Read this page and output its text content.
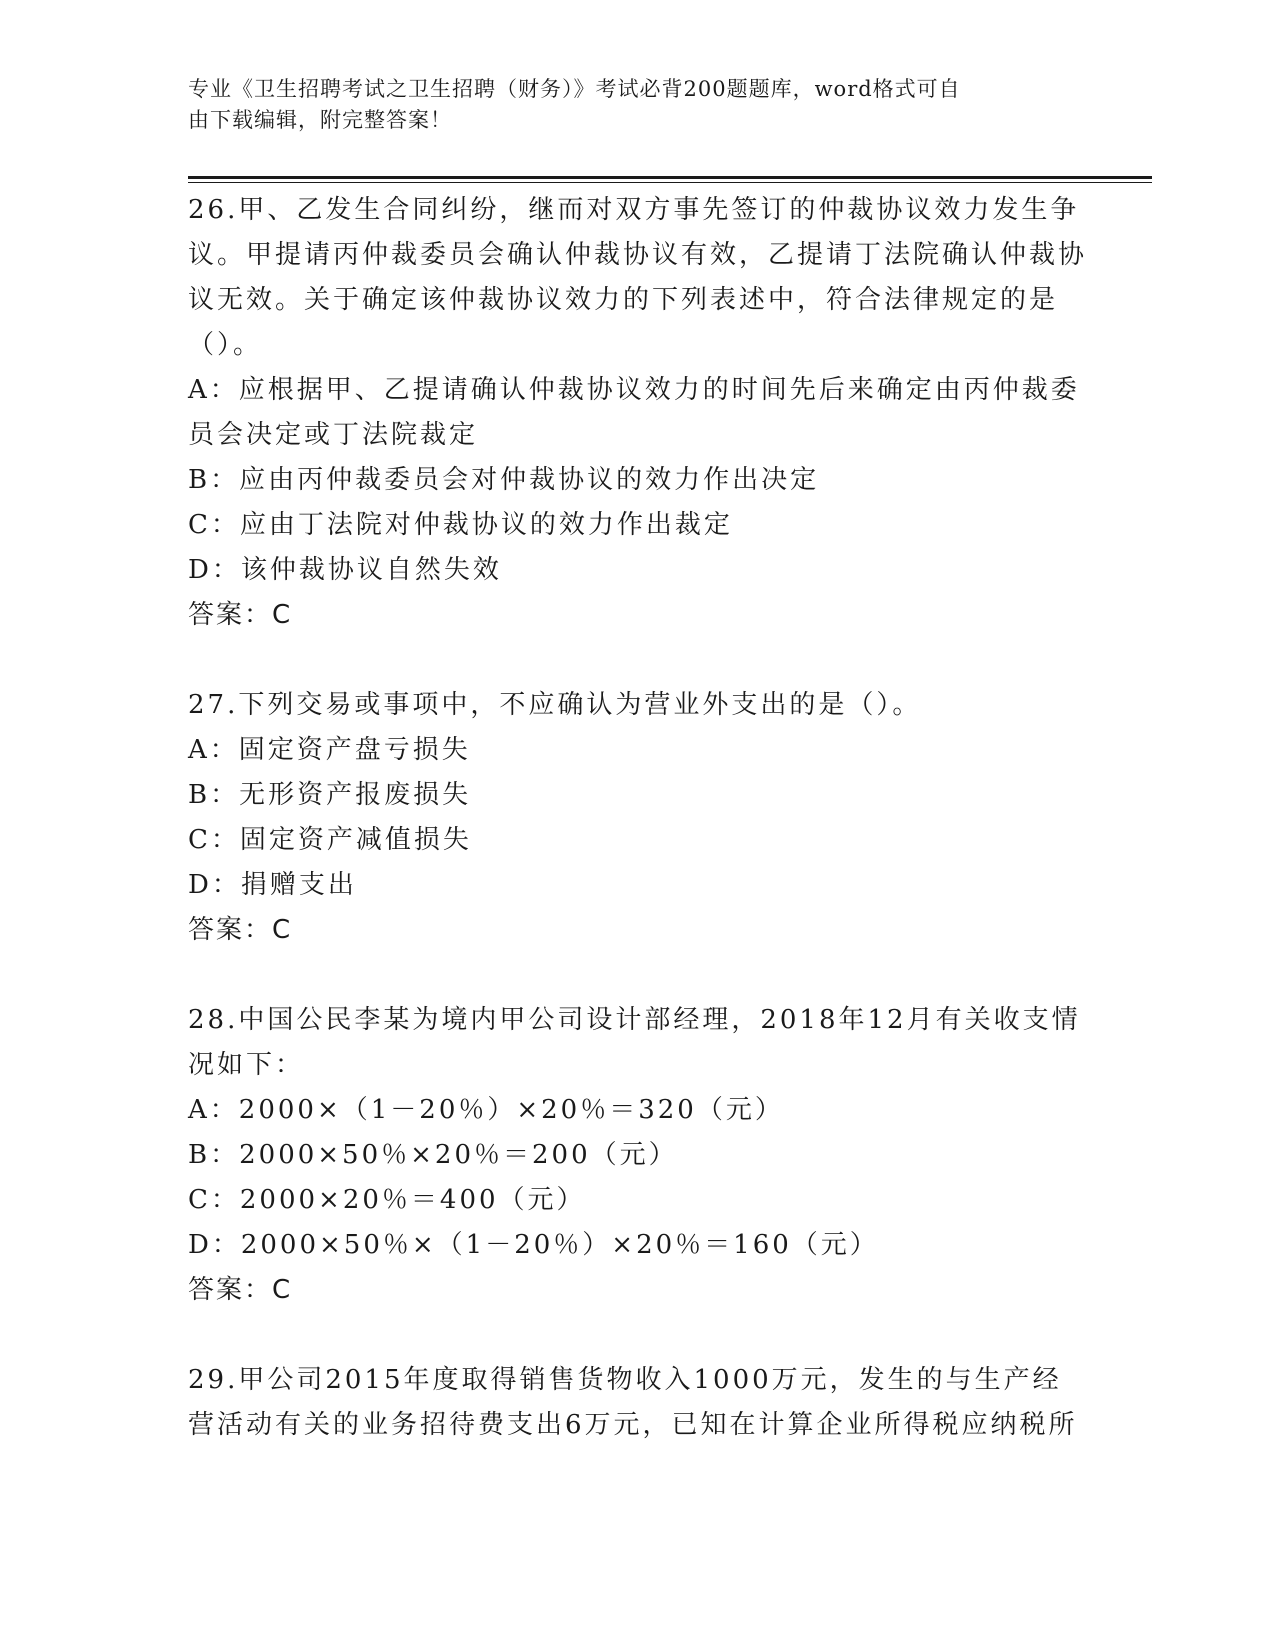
专业《卫生招聘考试之卫生招聘（财务）》考试必背200题题库，word格式可自
由下载编辑，附完整答案！
26.甲、乙发生合同纠纷，继而对双方事先签订的仲裁协议效力发生争议。甲提请丙仲裁委员会确认仲裁协议有效，乙提请丁法院确认仲裁协议无效。关于确定该仲裁协议效力的下列表述中，符合法律规定的是（）。
A：应根据甲、乙提请确认仲裁协议效力的时间先后来确定由丙仲裁委员会决定或丁法院裁定
B：应由丙仲裁委员会对仲裁协议的效力作出决定
C：应由丁法院对仲裁协议的效力作出裁定
D：该仲裁协议自然失效
答案：C
27.下列交易或事项中，不应确认为营业外支出的是（）。
A：固定资产盘亏损失
B：无形资产报废损失
C：固定资产减值损失
D：捐赠支出
答案：C
28.中国公民李某为境内甲公司设计部经理，2018年12月有关收支情况如下：
A：2000×（1－20％）×20％＝320（元）
B：2000×50％×20％＝200（元）
C：2000×20％＝400（元）
D：2000×50％×（1－20％）×20％＝160（元）
答案：C
29.甲公司2015年度取得销售货物收入1000万元，发生的与生产经营活动有关的业务招待费支出6万元，已知在计算企业所得税应纳税所
